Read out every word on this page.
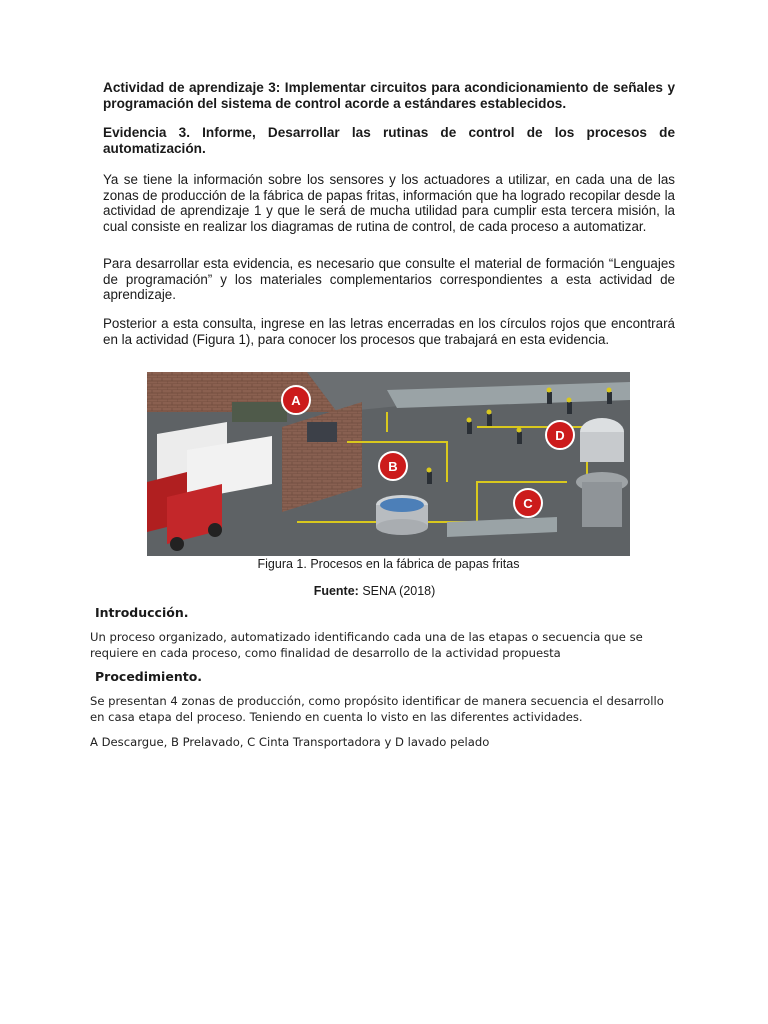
Actividad de aprendizaje 3: Implementar circuitos para acondicionamiento de señales y programación del sistema de control acorde a estándares establecidos.

Evidencia 3. Informe, Desarrollar las rutinas de control de los procesos de automatización.

Ya se tiene la información sobre los sensores y los actuadores a utilizar, en cada una de las zonas de producción de la fábrica de papas fritas, información que ha logrado recopilar desde la actividad de aprendizaje 1 y que le será de mucha utilidad para cumplir esta tercera misión, la cual consiste en realizar los diagramas de rutina de control, de cada proceso a automatizar.

Para desarrollar esta evidencia, es necesario que consulte el material de formación “Lenguajes de programación” y los materiales complementarios correspondientes a esta actividad de aprendizaje.

Posterior a esta consulta, ingrese en las letras encerradas en los círculos rojos que encontrará en la actividad (Figura 1), para conocer los procesos que trabajará en esta evidencia.

A
B
C
D

Figura 1. Procesos en la fábrica de papas fritas

Fuente: SENA (2018)

Introducción.

Un proceso organizado, automatizado identificando cada una de las etapas o secuencia que se requiere en cada proceso, como finalidad de desarrollo de la actividad propuesta

Procedimiento.

Se presentan 4 zonas de producción, como propósito identificar de manera secuencia el desarrollo en casa etapa del proceso. Teniendo en cuenta lo visto en las diferentes actividades.

A Descargue, B Prelavado, C Cinta Transportadora y D lavado pelado
